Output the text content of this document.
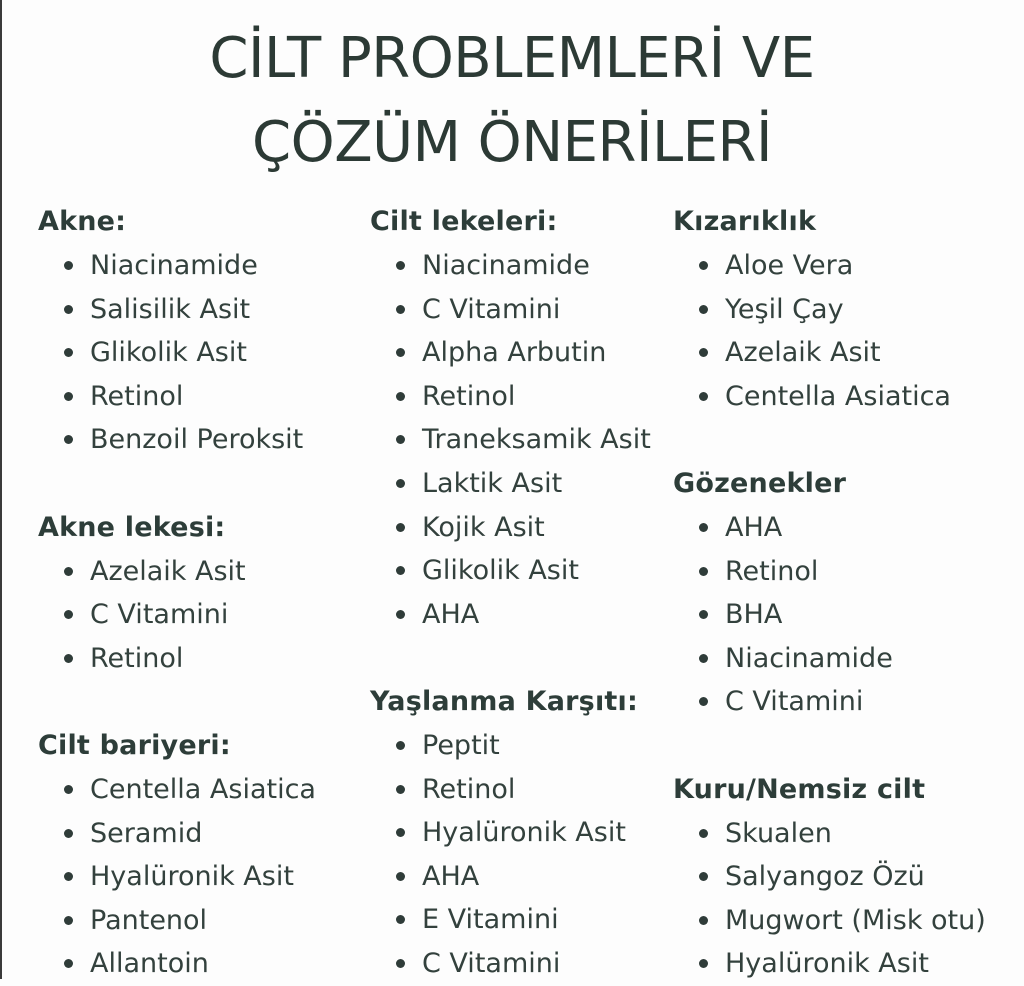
CİLT PROBLEMLERİ VE
ÇÖZÜM ÖNERİLERİ
Akne:
Niacinamide
Salisilik Asit
Glikolik Asit
Retinol
Benzoil Peroksit
Akne lekesi:
Azelaik Asit
C Vitamini
Retinol
Cilt bariyeri:
Centella Asiatica
Seramid
Hyalüronik Asit
Pantenol
Allantoin
Cilt lekeleri:
Niacinamide
C Vitamini
Alpha Arbutin
Retinol
Traneksamik Asit
Laktik Asit
Kojik Asit
Glikolik Asit
AHA
Yaşlanma Karşıtı:
Peptit
Retinol
Hyalüronik Asit
AHA
E Vitamini
C Vitamini
Kızarıklık
Aloe Vera
Yeşil Çay
Azelaik Asit
Centella Asiatica
Gözenekler
AHA
Retinol
BHA
Niacinamide
C Vitamini
Kuru/Nemsiz cilt
Skualen
Salyangoz Özü
Mugwort (Misk otu)
Hyalüronik Asit
